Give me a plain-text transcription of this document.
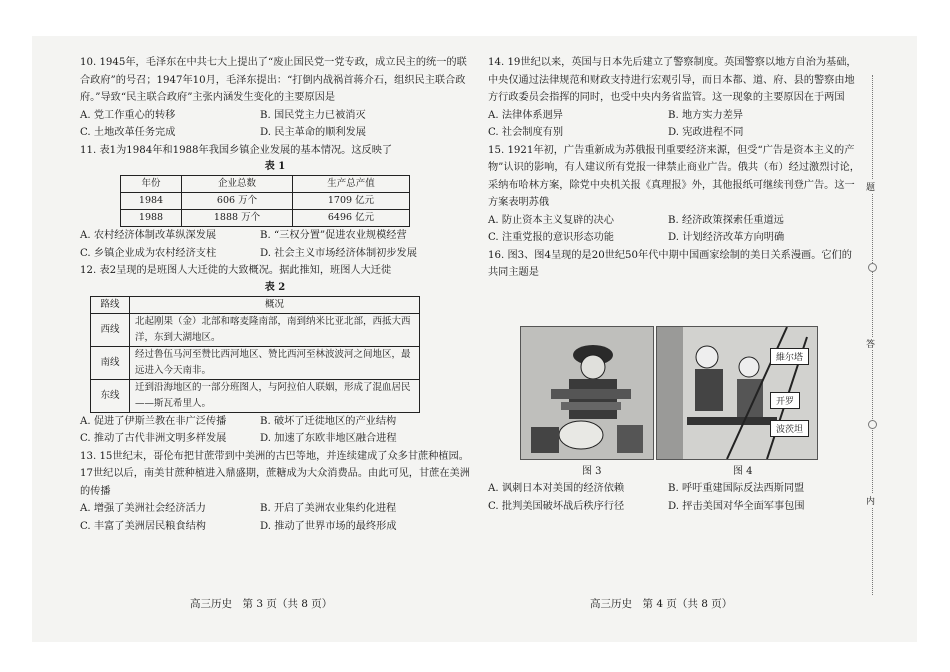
10. 1945年，毛泽东在中共七大上提出了“废止国民党一党专政，成立民主的统一的联合政府”的号召；1947年10月，毛泽东提出：“打倒内战祸首蒋介石，组织民主联合政府。”导致“民主联合政府”主张内涵发生变化的主要原因是

A. 党工作重心的转移	B. 国民党主力已被消灭
C. 土地改革任务完成	D. 民主革命的顺利发展

11. 表1为1984年和1988年我国乡镇企业发展的基本情况。这反映了

表 1
年份	企业总数	生产总产值
1984	606 万个	1709 亿元
1988	1888 万个	6496 亿元
A. 农村经济体制改革纵深发展	B. “三权分置”促进农业规模经营
C. 乡镇企业成为农村经济支柱	D. 社会主义市场经济体制初步发展

12. 表2呈现的是班图人大迁徙的大致概况。据此推知，班图人大迁徙

表 2
路线	概况
西线	北起刚果（金）北部和喀麦隆南部，南到纳米比亚北部，西抵大西洋，东到大湖地区。
南线	经过鲁伍马河至赞比西河地区、赞比西河至林波波河之间地区，最远进入今天南非。
东线	迁到沿海地区的一部分班图人，与阿拉伯人联姻，形成了混血居民——斯瓦希里人。
A. 促进了伊斯兰教在非广泛传播	B. 破坏了迁徙地区的产业结构
C. 推动了古代非洲文明多样发展	D. 加速了东欧非地区融合进程

13. 15世纪末，哥伦布把甘蔗带到中美洲的古巴等地，并连续建成了众多甘蔗种植园。17世纪以后，南美甘蔗种植进入鼎盛期，蔗糖成为大众消费品。由此可见，甘蔗在美洲的传播

A. 增强了美洲社会经济活力	B. 开启了美洲农业集约化进程
C. 丰富了美洲居民粮食结构	D. 推动了世界市场的最终形成
高三历史　第 3 页（共 8 页）

14. 19世纪以来，英国与日本先后建立了警察制度。英国警察以地方自治为基础，中央仅通过法律规范和财政支持进行宏观引导，而日本都、道、府、县的警察由地方行政委员会指挥的同时，也受中央内务省监管。这一现象的主要原因在于两国

A. 法律体系迥异	B. 地方实力差异
C. 社会制度有别	D. 宪政进程不同

15. 1921年初，广告重新成为苏俄报刊重要经济来源，但受“广告是资本主义的产物”认识的影响，有人建议所有党报一律禁止商业广告。俄共（布）经过激烈讨论，采纳布哈林方案，除党中央机关报《真理报》外，其他报纸可继续刊登广告。这一方案表明苏俄

A. 防止资本主义复辟的决心	B. 经济政策探索任重道远
C. 注重党报的意识形态功能	D. 计划经济改革方向明确

16. 图3、图4呈现的是20世纪50年代中期中国画家绘制的美日关系漫画。它们的共同主题是

图 3
維尔塔
开罗
波茨坦
图 4
A. 讽刺日本对美国的经济依赖	B. 呼吁重建国际反法西斯同盟
C. 批判美国破坏战后秩序行径	D. 抨击美国对华全面军事包围
高三历史　第 4 页（共 8 页）
题
答
内
